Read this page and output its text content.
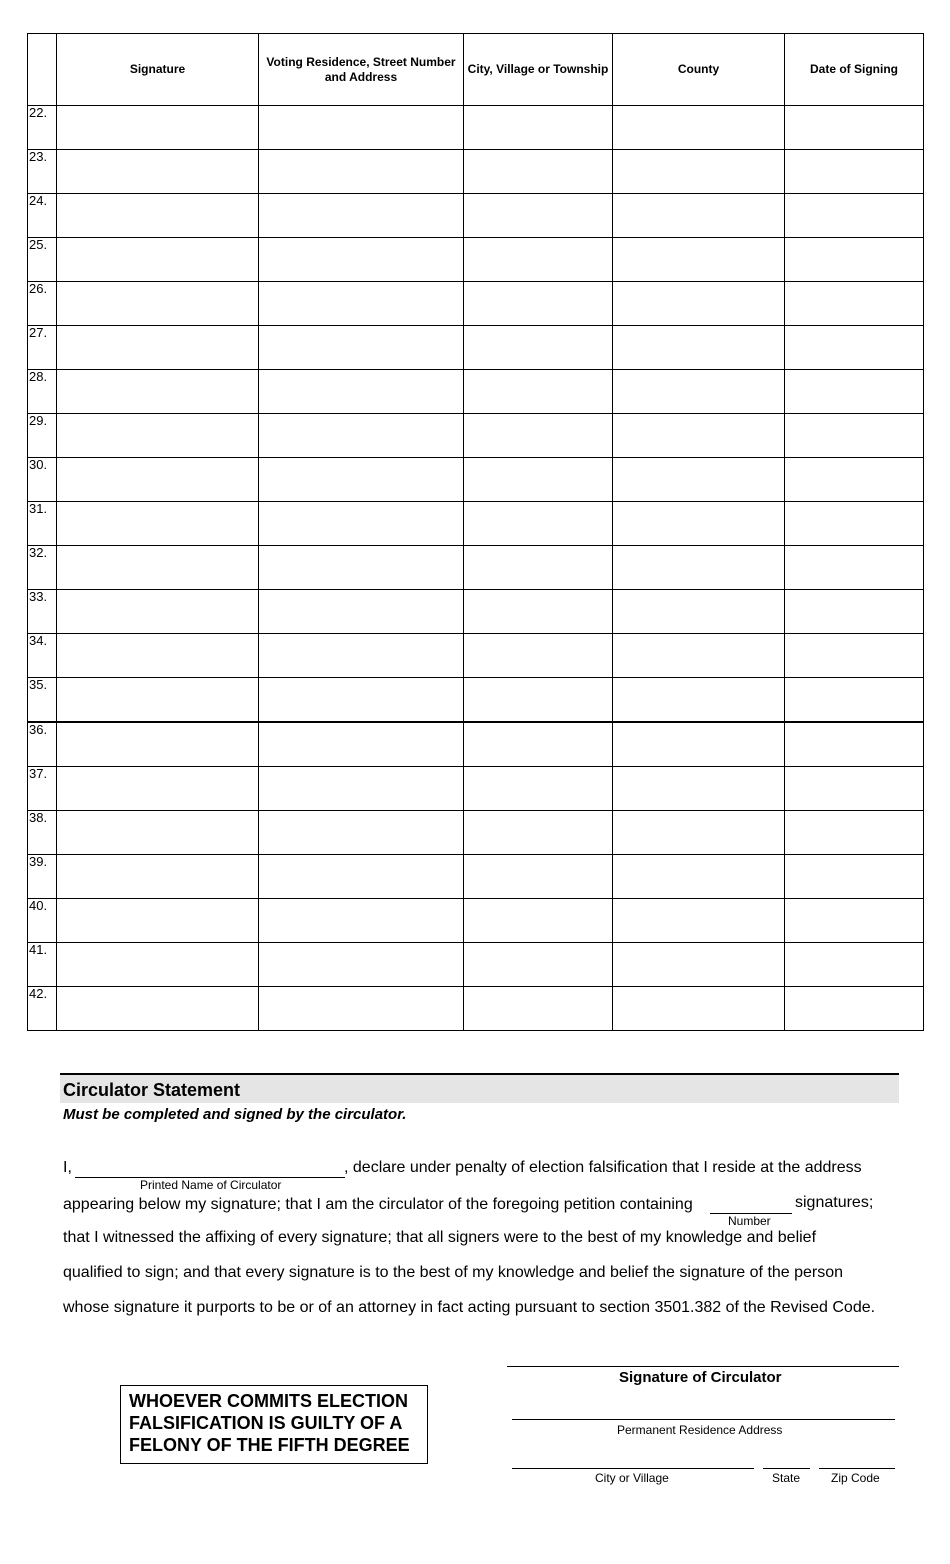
	Signature	Voting Residence, Street Number and Address	City, Village or Township	County	Date of Signing
22.					
23.					
24.					
25.					
26.					
27.					
28.					
29.					
30.					
31.					
32.					
33.					
34.					
35.					
36.					
37.					
38.					
39.					
40.					
41.					
42.					
Circulator Statement
Must be completed and signed by the circulator.
I,	, declare under penalty of election falsification that I reside at the address
Printed Name of Circulator
appearing below my signature; that I am the circulator of the foregoing petition containing	signatures;
Number
that I witnessed the affixing of every signature; that all signers were to the best of my knowledge and belief
qualified to sign; and that every signature is to the best of my knowledge and belief the signature of the person
whose signature it purports to be or of an attorney in fact acting pursuant to section 3501.382 of the Revised Code.
Signature of Circulator
Permanent Residence Address
City or Village	State	Zip Code
WHOEVER COMMITS ELECTION
FALSIFICATION IS GUILTY OF A
FELONY OF THE FIFTH DEGREE
